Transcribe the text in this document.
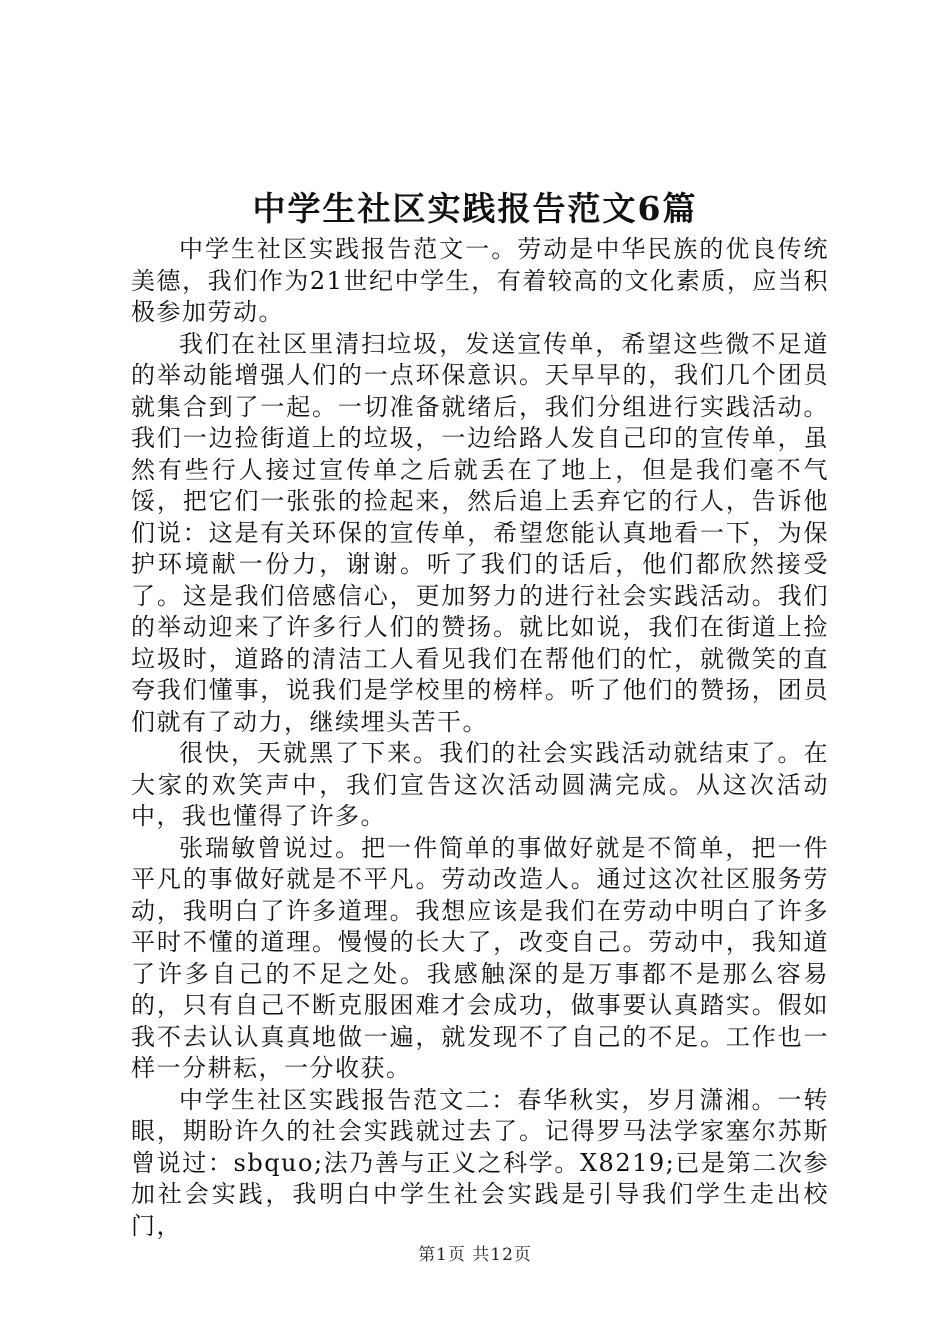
中学生社区实践报告范文6篇

中学生社区实践报告范文一。劳动是中华民族的优良传统美德，我们作为21世纪中学生，有着较高的文化素质，应当积极参加劳动。

我们在社区里清扫垃圾，发送宣传单，希望这些微不足道的举动能增强人们的一点环保意识。天早早的，我们几个团员就集合到了一起。一切准备就绪后，我们分组进行实践活动。我们一边捡街道上的垃圾，一边给路人发自己印的宣传单，虽然有些行人接过宣传单之后就丢在了地上，但是我们毫不气馁，把它们一张张的捡起来，然后追上丢弃它的行人，告诉他们说：这是有关环保的宣传单，希望您能认真地看一下，为保护环境献一份力，谢谢。听了我们的话后，他们都欣然接受了。这是我们倍感信心，更加努力的进行社会实践活动。我们的举动迎来了许多行人们的赞扬。就比如说，我们在街道上捡垃圾时，道路的清洁工人看见我们在帮他们的忙，就微笑的直夸我们懂事，说我们是学校里的榜样。听了他们的赞扬，团员们就有了动力，继续埋头苦干。

很快，天就黑了下来。我们的社会实践活动就结束了。在大家的欢笑声中，我们宣告这次活动圆满完成。从这次活动中，我也懂得了许多。

张瑞敏曾说过。把一件简单的事做好就是不简单，把一件平凡的事做好就是不平凡。劳动改造人。通过这次社区服务劳动，我明白了许多道理。我想应该是我们在劳动中明白了许多平时不懂的道理。慢慢的长大了，改变自己。劳动中，我知道了许多自己的不足之处。我感触深的是万事都不是那么容易的，只有自己不断克服困难才会成功，做事要认真踏实。假如我不去认认真真地做一遍，就发现不了自己的不足。工作也一样一分耕耘，一分收获。

中学生社区实践报告范文二：春华秋实，岁月潇湘。一转眼，期盼许久的社会实践就过去了。记得罗马法学家塞尔苏斯曾说过：sbquo;法乃善与正义之科学。X8219;已是第二次参加社会实践，我明白中学生社会实践是引导我们学生走出校门，

第1页 共12页
